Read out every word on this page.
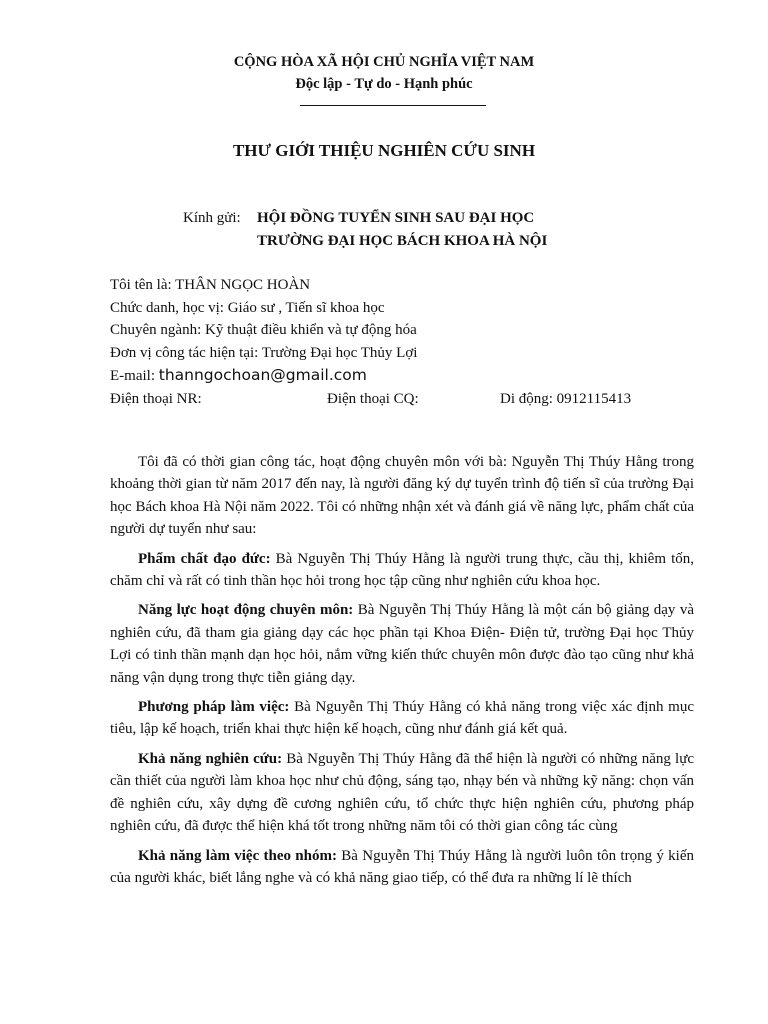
CỘNG HÒA XÃ HỘI CHỦ NGHĨA VIỆT NAM
Độc lập - Tự do - Hạnh phúc
THƯ GIỚI THIỆU NGHIÊN CỨU SINH
Kính gửi:	HỘI ĐỒNG TUYỂN SINH SAU ĐẠI HỌC
TRƯỜNG ĐẠI HỌC BÁCH KHOA HÀ NỘI
Tôi tên là: THÂN NGỌC HOÀN
Chức danh, học vị: Giáo sư , Tiến sĩ khoa học
Chuyên ngành: Kỹ thuật điều khiển và tự động hóa
Đơn vị công tác hiện tại: Trường Đại học Thủy Lợi
E-mail: thanngochoan@gmail.com
Điện thoại NR:	Điện thoại CQ:	Di động: 0912115413

Tôi đã có thời gian công tác, hoạt động chuyên môn với bà: Nguyễn Thị Thúy Hằng trong khoảng thời gian từ năm 2017 đến nay, là người đăng ký dự tuyển trình độ tiến sĩ của trường Đại học Bách khoa Hà Nội năm 2022. Tôi có những nhận xét và đánh giá về năng lực, phẩm chất của người dự tuyển như sau:

Phẩm chất đạo đức: Bà Nguyễn Thị Thúy Hằng là người trung thực, cầu thị, khiêm tốn, chăm chỉ và rất có tinh thần học hỏi trong học tập cũng như nghiên cứu khoa học.

Năng lực hoạt động chuyên môn: Bà Nguyễn Thị Thúy Hằng là một cán bộ giảng dạy và nghiên cứu, đã tham gia giảng dạy các học phần tại Khoa Điện- Điện tử, trường Đại học Thủy Lợi có tinh thần mạnh dạn học hỏi, nắm vững kiến thức chuyên môn được đào tạo cũng như khả năng vận dụng trong thực tiễn giảng dạy.

Phương pháp làm việc: Bà Nguyễn Thị Thúy Hằng có khả năng trong việc xác định mục tiêu, lập kế hoạch, triển khai thực hiện kế hoạch, cũng như đánh giá kết quả.

Khả năng nghiên cứu: Bà Nguyễn Thị Thúy Hằng đã thể hiện là người có những năng lực cần thiết của người làm khoa học như chủ động, sáng tạo, nhạy bén và những kỹ năng: chọn vấn đề nghiên cứu, xây dựng đề cương nghiên cứu, tổ chức thực hiện nghiên cứu, phương pháp nghiên cứu, đã được thể hiện khá tốt trong những năm tôi có thời gian công tác cùng

Khả năng làm việc theo nhóm: Bà Nguyễn Thị Thúy Hằng là người luôn tôn trọng ý kiến của người khác, biết lắng nghe và có khả năng giao tiếp, có thể đưa ra những lí lẽ thích
